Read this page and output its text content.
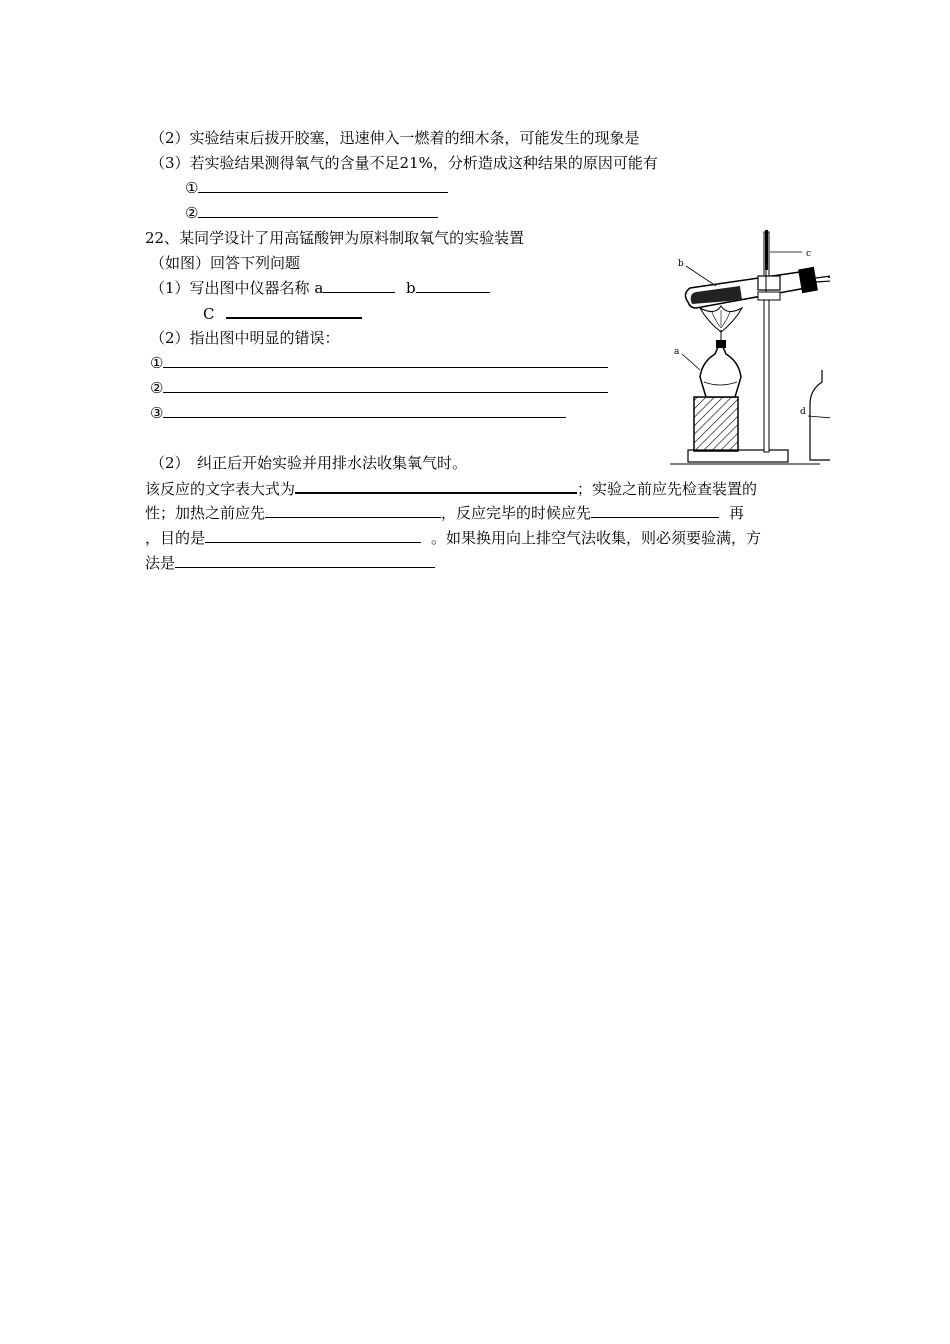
（2）实验结束后拔开胶塞，迅速伸入一燃着的细木条，可能发生的现象是
（3）若实验结果测得氧气的含量不足21%，分析造成这种结果的原因可能有
①
②
22、某同学设计了用高锰酸钾为原料制取氧气的实验装置
（如图）回答下列问题
（1）写出图中仪器名称 a	b
C
（2）指出图中明显的错误：
①
②
③
（2）　纠正后开始实验并用排水法收集氧气时。
该反应的文字表大式为	；实验之前应先检查装置的
性；加热之前应先	，反应完毕的时候应先	再
，目的是	。如果换用向上排空气法收集，则必须要验满，方
法是
c
b
a
d
